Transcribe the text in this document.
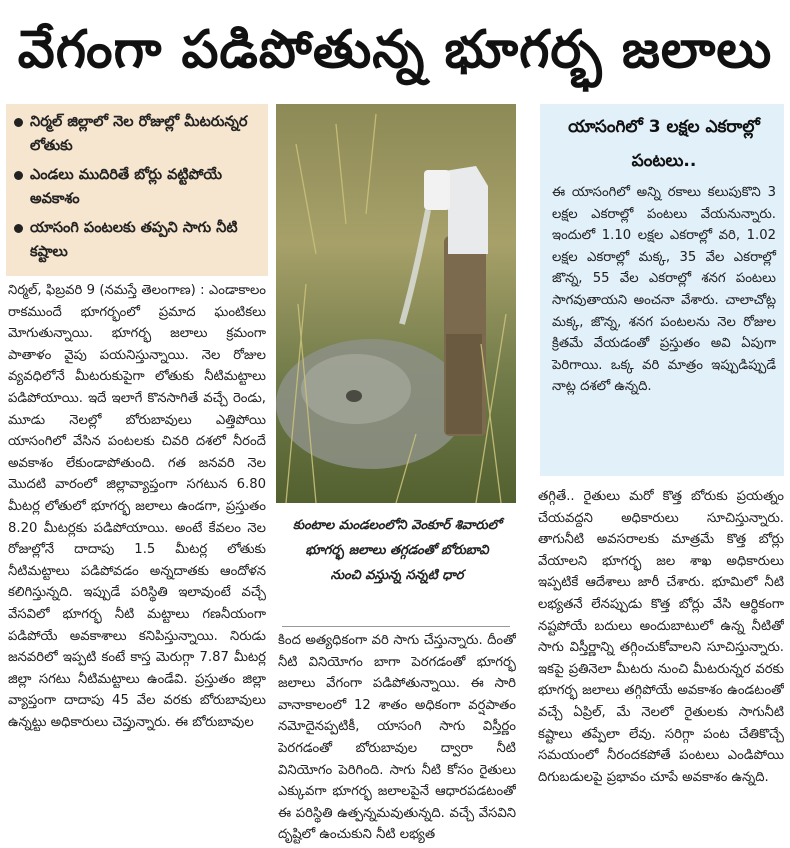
వేగంగా పడిపోతున్న భూగర్భ జలాలు
నిర్మల్ జిల్లాలో నెల రోజుల్లో మీటరున్నర లోతుకు
ఎండలు ముదిరితే బోర్లు వట్టిపోయే అవకాశం
యాసంగి పంటలకు తప్పని సాగు నీటి కష్టాలు
నిర్మల్, ఫిబ్రవరి 9 (నమస్తే తెలంగాణ) : ఎండాకాలం రాకముందే భూగర్భంలో ప్రమాద ఘంటికలు మోగుతున్నాయి. భూగర్భ జలాలు క్రమంగా పాతాళం వైపు పయనిస్తున్నాయి. నెల రోజుల వ్యవధిలోనే మీటరుకుపైగా లోతుకు నీటిమట్టాలు పడిపోయాయి. ఇదే ఇలాగే కొనసాగితే వచ్చే రెండు, మూడు నెలల్లో బోరుబావులు ఎత్తిపోయి యాసంగిలో వేసిన పంటలకు చివరి దశలో నీరందే అవకాశం లేకుండాపోతుంది. గత జనవరి నెల మొదటి వారంలో జిల్లావ్యాప్తంగా సగటున 6.80 మీటర్ల లోతులో భూగర్భ జలాలు ఉండగా, ప్రస్తుతం 8.20 మీటర్లకు పడిపోయాయి. అంటే కేవలం నెల రోజుల్లోనే దాదాపు 1.5 మీటర్ల లోతుకు నీటిమట్టాలు పడిపోవడం అన్నదాతకు ఆందోళన కలిగిస్తున్నది. ఇప్పుడే పరిస్థితి ఇలావుంటే వచ్చే వేసవిలో భూగర్భ నీటి మట్టాలు గణనీయంగా పడిపోయే అవకాశాలు కనిపిస్తున్నాయి. నిరుడు జనవరిలో ఇప్పటి కంటే కాస్త మెరుగ్గా 7.87 మీటర్ల జిల్లా సగటు నీటిమట్టాలు ఉండేవి. ప్రస్తుతం జిల్లా వ్యాప్తంగా దాదాపు 45 వేల వరకు బోరుబావులు ఉన్నట్టు అధికారులు చెప్తున్నారు. ఈ బోరుబావుల
కుంటాల మండలంలోని వెంకూర్ శివారులో భూగర్భ జలాలు తగ్గడంతో బోరుబావి నుంచి వస్తున్న సన్నటి ధార
కింద అత్యధికంగా వరి సాగు చేస్తున్నారు. దీంతో నీటి వినియోగం బాగా పెరగడంతో భూగర్భ జలాలు వేగంగా పడిపోతున్నాయి. ఈ సారి వానాకాలంలో 12 శాతం అధికంగా వర్షపాతం నమోదైనప్పటికీ, యాసంగి సాగు విస్తీర్ణం పెరగడంతో బోరుబావుల ద్వారా నీటి వినియోగం పెరిగింది. సాగు నీటి కోసం రైతులు ఎక్కువగా భూగర్భ జలాలపైనే ఆధారపడటంతో ఈ పరిస్థితి ఉత్పన్నమవుతున్నది. వచ్చే వేసవిని దృష్టిలో ఉంచుకుని నీటి లభ్యత
యాసంగిలో 3 లక్షల ఎకరాల్లో పంటలు..

ఈ యాసంగిలో అన్ని రకాలు కలుపుకొని 3 లక్షల ఎకరాల్లో పంటలు వేయనున్నారు. ఇందులో 1.10 లక్షల ఎకరాల్లో వరి, 1.02 లక్షల ఎకరాల్లో మక్క, 35 వేల ఎకరాల్లో జొన్న, 55 వేల ఎకరాల్లో శనగ పంటలు సాగవుతాయని అంచనా వేశారు. చాలాచోట్ల మక్క, జొన్న, శనగ పంటలను నెల రోజుల క్రితమే వేయడంతో ప్రస్తుతం అవి ఏపుగా పెరిగాయి. ఒక్క వరి మాత్రం ఇప్పుడిప్పుడే నాట్ల దశలో ఉన్నది.

తగ్గితే.. రైతులు మరో కొత్త బోరుకు ప్రయత్నం చేయవద్దని అధికారులు సూచిస్తున్నారు. తాగునీటి అవసరాలకు మాత్రమే కొత్త బోర్లు వేయాలని భూగర్భ జల శాఖ అధికారులు ఇప్పటికే ఆదేశాలు జారీ చేశారు. భూమిలో నీటి లభ్యతనే లేనప్పుడు కొత్త బోర్లు వేసి ఆర్థికంగా నష్టపోయే బదులు అందుబాటులో ఉన్న నీటితో సాగు విస్తీర్ణాన్ని తగ్గించుకోవాలని సూచిస్తున్నారు. ఇకపై ప్రతినెలా మీటరు నుంచి మీటరున్నర వరకు భూగర్భ జలాలు తగ్గిపోయే అవకాశం ఉండటంతో వచ్చే ఏప్రిల్, మే నెలలో రైతులకు సాగునీటి కష్టాలు తప్పేలా లేవు. సరిగ్గా పంట చేతికొచ్చే సమయంలో నీరందకపోతే పంటలు ఎండిపోయి దిగుబడులపై ప్రభావం చూపే అవకాశం ఉన్నది.
